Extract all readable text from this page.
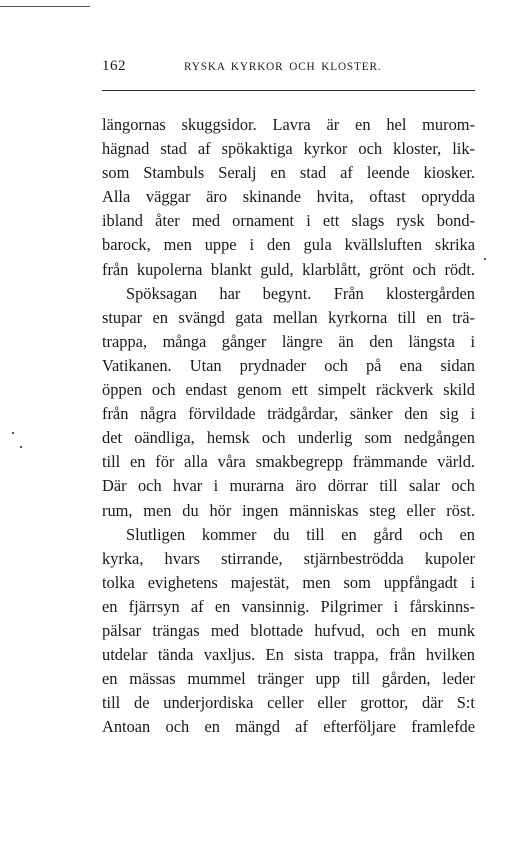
162	RYSKA KYRKOR OCH KLOSTER.
längornas skuggsidor. Lavra är en hel murom-
hägnad stad af spökaktiga kyrkor och kloster, lik-
som Stambuls Seralj en stad af leende kiosker.
Alla väggar äro skinande hvita, oftast oprydda
ibland åter med ornament i ett slags rysk bond-
barock, men uppe i den gula kvällsluften skrika
från kupolerna blankt guld, klarblått, grönt och rödt.
Spöksagan har begynt. Från klostergården
stupar en svängd gata mellan kyrkorna till en trä-
trappa, många gånger längre än den längsta i
Vatikanen. Utan prydnader och på ena sidan
öppen och endast genom ett simpelt räckverk skild
från några förvildade trädgårdar, sänker den sig i
det oändliga, hemsk och underlig som nedgången
till en för alla våra smakbegrepp främmande värld.
Där och hvar i murarna äro dörrar till salar och
rum, men du hör ingen människas steg eller röst.
Slutligen kommer du till en gård och en
kyrka, hvars stirrande, stjärnbeströdda kupoler
tolka evighetens majestät, men som uppfångadt i
en fjärrsyn af en vansinnig. Pilgrimer i fårskinns-
pälsar trängas med blottade hufvud, och en munk
utdelar tända vaxljus. En sista trappa, från hvilken
en mässas mummel tränger upp till gården, leder
till de underjordiska celler eller grottor, där S:t
Antoan och en mängd af efterföljare framlefde
